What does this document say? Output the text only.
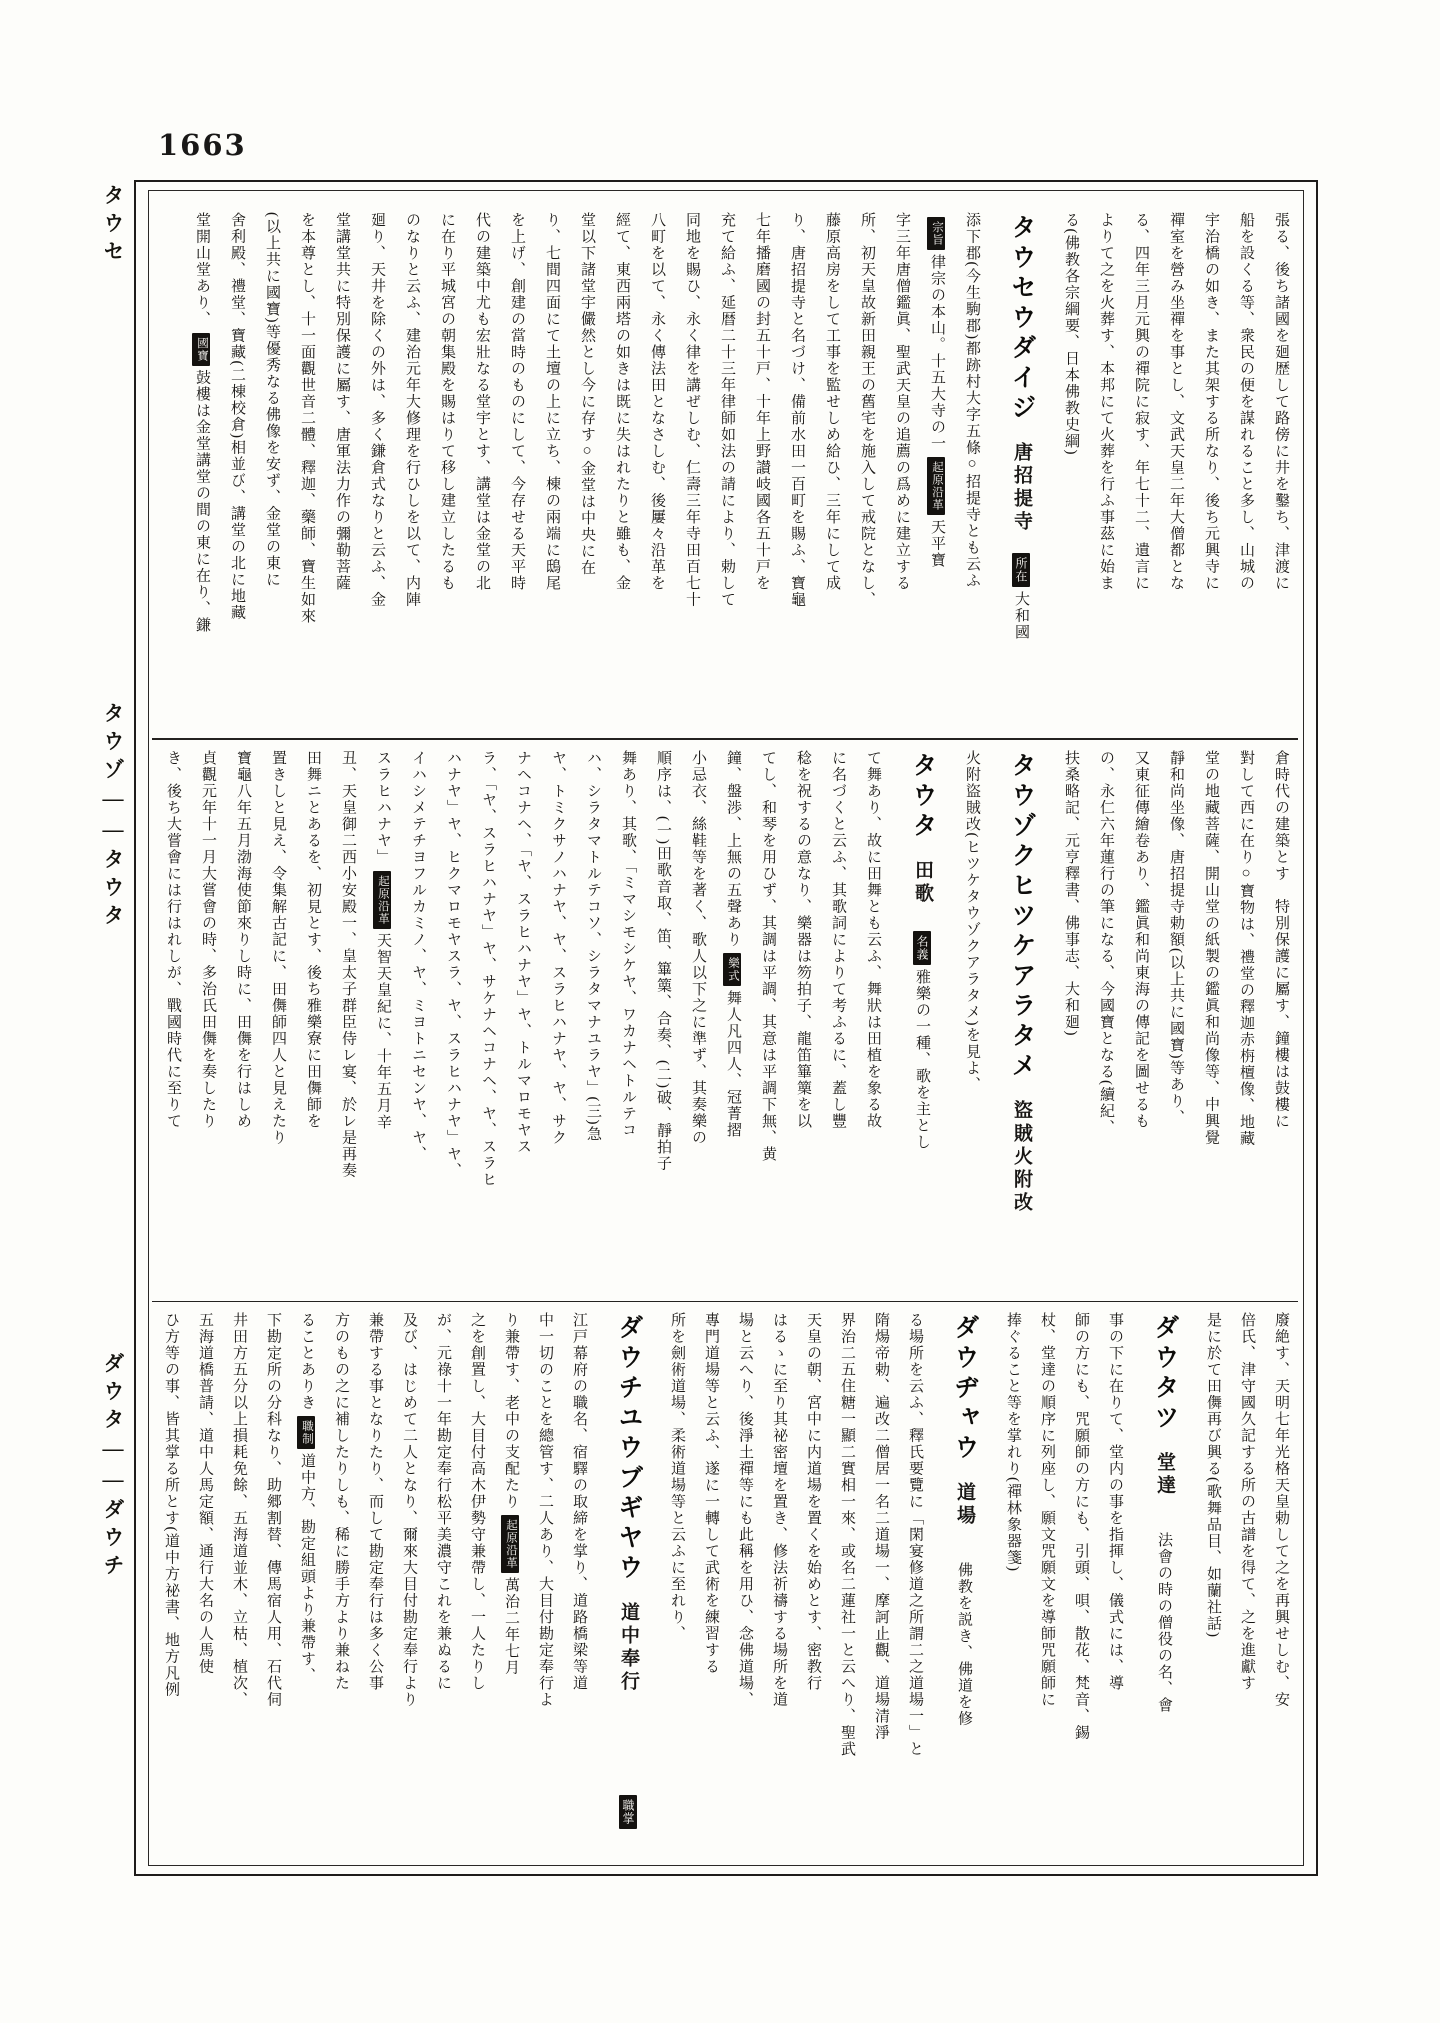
1663
タウセ
タウゾ——タウタ
ダウタ——ダウチ
張る、後ち諸國を廻歴して路傍に井を鑿ち、津渡に
船を設くる等、衆民の便を謀れること多し、山城の
宇治橋の如き、また其架する所なり、後ち元興寺に
禪室を營み坐禪を事とし、文武天皇二年大僧都とな
る、四年三月元興の禪院に寂す、年七十二、遺言に
よりて之を火葬す、本邦にて火葬を行ふ事茲に始ま
る(佛教各宗綱要、日本佛教史綱)
タウセウダイジ唐招提寺所在大和國
添下郡(今生駒郡)都跡村大字五條○招提寺とも云ふ
宗旨律宗の本山。十五大寺の一起原沿革天平寶
字三年唐僧鑑眞、聖武天皇の追薦の爲めに建立する
所、初天皇故新田親王の舊宅を施入して戒院となし、
藤原高房をして工事を監せしめ給ひ、三年にして成
り、唐招提寺と名づけ、備前水田一百町を賜ふ、寶龜
七年播磨國の封五十戸、十年上野讃岐國各五十戸を
充て給ふ、延暦二十三年律師如法の請により、勅して
同地を賜ひ、永く律を講ぜしむ、仁壽三年寺田百七十
八町を以て、永く傳法田となさしむ、後屢々沿革を
經て、東西兩塔の如きは既に失はれたりと雖も、金
堂以下諸堂宇儼然とし今に存す○金堂は中央に在
り、七間四面にて土壇の上に立ち、棟の兩端に鴟尾
を上げ、創建の當時のものにして、今存せる天平時
代の建築中尤も宏壯なる堂宇とす、講堂は金堂の北
に在り平城宮の朝集殿を賜はりて移し建立したるも
のなりと云ふ、建治元年大修理を行ひしを以て、内陣
廻り、天井を除くの外は、多く鎌倉式なりと云ふ、金
堂講堂共に特別保護に屬す、唐軍法力作の彌勒菩薩
を本尊とし、十一面觀世音二體、釋迦、藥師、寶生如來
(以上共に國寶)等優秀なる佛像を安ず、金堂の東に
舍利殿、禮堂、寶藏(二棟校倉)相並び、講堂の北に地藏
堂開山堂あり、國寶鼓樓は金堂講堂の間の東に在り、鎌
倉時代の建築とす　特別保護に屬す、鐘樓は鼓樓に
對して西に在り○寶物は、禮堂の釋迦赤栴檀像、地藏
堂の地藏菩薩、開山堂の紙製の鑑眞和尚像等、中興覺
靜和尚坐像、唐招提寺勅額(以上共に國寶)等あり、
又東征傳繪卷あり、鑑眞和尚東海の傳記を圖せるも
の、永仁六年蓮行の筆になる、今國寶となる(續紀、
扶桑略記、元亨釋書、佛事志、大和廻)
タウゾクヒツケアラタメ盜賊火附改
火附盜賊改(ヒツケタウゾクアラタメ)を見よ、
タウタ田歌名義雅樂の一種、歌を主とし
て舞あり、故に田舞とも云ふ、舞狀は田植を象る故
に名づくと云ふ、其歌詞によりて考ふるに、蓋し豐
稔を祝するの意なり、樂器は笏拍子、龍笛篳篥を以
てし、和琴を用ひず、其調は平調、其意は平調下無、黄
鐘、盤渉、上無の五聲あり樂式舞人凡四人、冠菁摺
小忌衣、絲鞋等を著く、歌人以下之に準ず、其奏樂の
順序は、(一)田歌音取、笛、篳篥、合奏、(二)破、靜拍子
舞あり、其歌、「ミマシモシケヤ、ワカナヘトルテコ
ハ、シラタマトルテコソ、シラタマナユラヤ」(三)急
ヤ、トミクサノハナヤ、ヤ、スラヒハナヤ、ヤ、サク
ナヘコナヘ、「ヤ、スラヒハナヤ」ヤ、トルマロモヤス
ラ、「ヤ、スラヒハナヤ」ヤ、サケナヘコナヘ、ヤ、スラヒ
ハナヤ」ヤ、ヒクマロモヤスラ、ヤ、スラヒハナヤ」ヤ、
イハシメテチヨフルカミノ、ヤ、ミヨトニセンヤ、ヤ、
スラヒハナヤ」起原沿革天智天皇紀に、十年五月辛
丑、天皇御二西小安殿一、皇太子群臣侍レ宴、於レ是再奏
田舞ニとあるを、初見とす、後ち雅樂寮に田儛師を
置きしと見え、令集解古記に、田儛師四人と見えたり
寶龜八年五月渤海使節來りし時に、田儛を行はしめ
貞觀元年十一月大嘗會の時、多治氏田儛を奏したり
き、後ち大嘗會には行はれしが、戰國時代に至りて
廢絶す、天明七年光格天皇勅して之を再興せしむ、安
倍氏、津守國久記する所の古譜を得て、之を進獻す
是に於て田儛再び興る(歌舞品目、如蘭社話)
ダウタツ堂達法會の時の僧役の名、會
事の下に在りて、堂内の事を指揮し、儀式には、導
師の方にも、咒願師の方にも、引頭、唄、散花、梵音、錫
杖、堂達の順序に列座し、願文咒願文を導師咒願師に
捧ぐること等を掌れり(禪林象器箋)
ダウヂャウ道場佛教を説き、佛道を修
る場所を云ふ、釋氏要覽に「閑宴修道之所謂二之道場一」と
隋煬帝勅、遍改二僧居一名二道場一、摩訶止觀、道場清淨
界治二五住糖一顯二實相一來、或名二蓮社一と云へり、聖武
天皇の朝、宮中に内道場を置くを始めとす、密教行
はるゝに至り其祕密壇を置き、修法祈禱する場所を道
場と云へり、後淨土禪等にも此稱を用ひ、念佛道場、
專門道場等と云ふ、遂に一轉して武術を練習する
所を劍術道場、柔術道場等と云ふに至れり、
ダウチユウブギヤウ道中奉行職掌
江戸幕府の職名、宿驛の取締を掌り、道路橋梁等道
中一切のことを總管す、二人あり、大目付勘定奉行よ
り兼帶す、老中の支配たり起原沿革萬治二年七月
之を創置し、大目付高木伊勢守兼帶し、一人たりし
が、元祿十一年勘定奉行松平美濃守これを兼ぬるに
及び、はじめて二人となり、爾來大目付勘定奉行より
兼帶する事となりたり、而して勘定奉行は多く公事
方のもの之に補したりしも、稀に勝手方より兼ねた
ることありき職制道中方、勘定組頭より兼帶す、
下勘定所の分科なり、助郷割替、傳馬宿人用、石代伺
井田方五分以上損耗免餘、五海道並木、立枯、植次、
五海道橋普請、道中人馬定額、通行大名の人馬使
ひ方等の事、皆其掌る所とす(道中方祕書、地方凡例
